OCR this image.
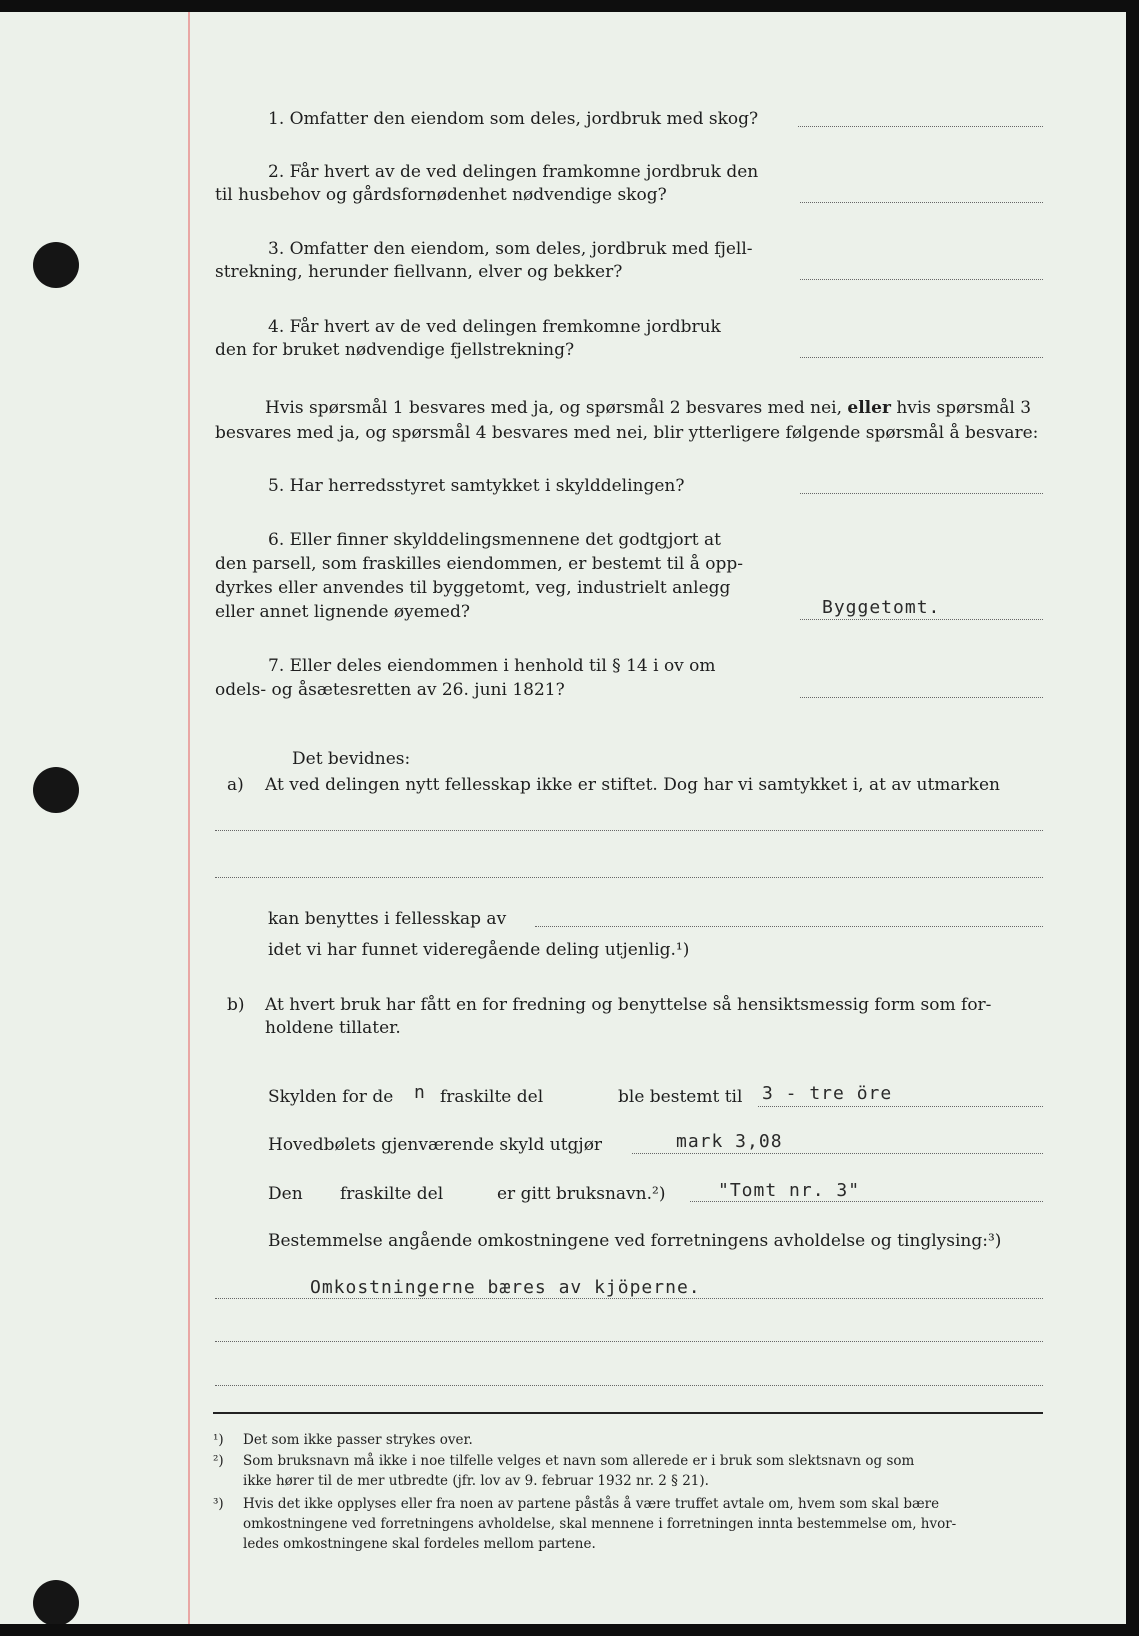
1. Omfatter den eiendom som deles, jordbruk med skog?
2. Får hvert av de ved delingen framkomne jordbruk den
til husbehov og gårdsfornødenhet nødvendige skog?
3. Omfatter den eiendom, som deles, jordbruk med fjell-
strekning, herunder fiellvann, elver og bekker?
4. Får hvert av de ved delingen fremkomne jordbruk
den for bruket nødvendige fjellstrekning?
Hvis spørsmål 1 besvares med ja, og spørsmål 2 besvares med nei, eller hvis spørsmål 3
besvares med ja, og spørsmål 4 besvares med nei, blir ytterligere følgende spørsmål å besvare:
5. Har herredsstyret samtykket i skylddelingen?
6. Eller finner skylddelingsmennene det godtgjort at
den parsell, som fraskilles eiendommen, er bestemt til å opp-
dyrkes eller anvendes til byggetomt, veg, industrielt anlegg
eller annet lignende øyemed?	Byggetomt.
7. Eller deles eiendommen i henhold til § 14 i ov om
odels- og åsætesretten av 26. juni 1821?
Det bevidnes:
a) At ved delingen nytt fellesskap ikke er stiftet. Dog har vi samtykket i, at av utmarken
kan benyttes i fellesskap av
idet vi har funnet videregående deling utjenlig.¹)
b) At hvert bruk har fått en for fredning og benyttelse så hensiktsmessig form som for-
holdene tillater.
Skylden for de n fraskilte del	ble bestemt til 3 - tre öre
Hovedbølets gjenværende skyld utgjør	mark 3,08
Den fraskilte del	er gitt bruksnavn.²)	"Tomt nr. 3"
Bestemmelse angående omkostningene ved forretningens avholdelse og tinglysing:³)
Omkostningerne bæres av kjöperne.
¹) Det som ikke passer strykes over.
²) Som bruksnavn må ikke i noe tilfelle velges et navn som allerede er i bruk som slektsnavn og som
ikke hører til de mer utbredte (jfr. lov av 9. februar 1932 nr. 2 § 21).
³) Hvis det ikke opplyses eller fra noen av partene påstås å være truffet avtale om, hvem som skal bære
omkostningene ved forretningens avholdelse, skal mennene i forretningen innta bestemmelse om, hvor-
ledes omkostningene skal fordeles mellom partene.
